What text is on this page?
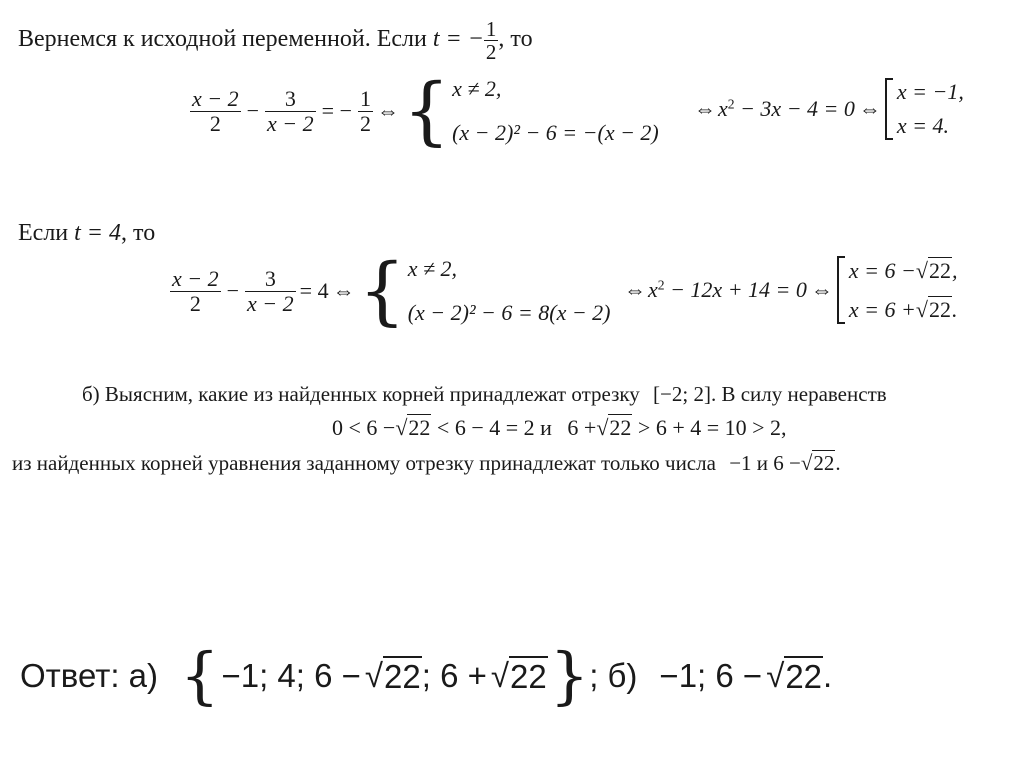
Вернемся к исходной переменной. Если t = − $\frac{1}{2}$ , то
$\frac{x - 2}{2} - \frac{3}{x - 2}$ = − $\frac{1}{2}$ ⇔ { x ≠ 2,
(x − 2)² − 6 = −(x − 2)
⇔ $x^2 - 3x - 4 = 0$ ⇔
x = −1,
x = 4.
Если t = 4, то
$\frac{x - 2}{2} - \frac{3}{x - 2} = 4$ ⇔ { x ≠ 2,
(x − 2)² − 6 = 8(x − 2)
⇔ $x^2 - 12x + 14 = 0$ ⇔
x = 6 −√22,
x = 6 +√22.
б) Выясним, какие из найденных корней принадлежат отрезку [−2; 2]. В силу неравенств
0 < 6 −√22 < 6 − 4 = 2 и 6 +√22 > 6 + 4 = 10 > 2,
из найденных корней уравнения заданному отрезку принадлежат только числа −1 и 6 −√22.
Ответ: а) { −1; 4; 6 − √ 22 ; 6 + √ 22 } ; б) −1; 6 − √ 22 .
